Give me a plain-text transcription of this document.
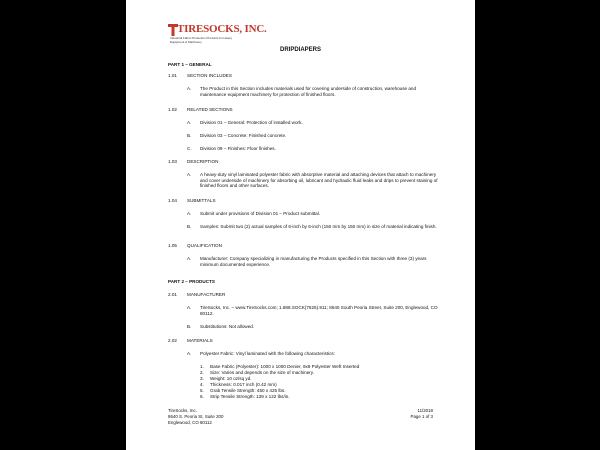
TIRESOCKS, INC.
Industrial Fabric Protection Products for Heavy Equipment & Machinery
DRIPDIAPERS
PART 1 – GENERAL
1.01 SECTION INCLUDES
A. The Product in this Section includes materials used for covering underside of construction, warehouse and maintenance equipment machinery for protection of finished floors.
1.02 RELATED SECTIONS
A. Division 01 – General: Protection of installed work.
B. Division 03 – Concrete: Finished concrete.
C. Division 09 – Finishes: Floor finishes.
1.03 DESCRIPTION
A. A heavy-duty vinyl laminated polyester fabric with absorptive material and attaching devices that attach to machinery and cover underside of machinery for absorbing oil, lubricant and hydraulic fluid leaks and drips to prevent staining of finished floors and other surfaces.
1.04 SUBMITTALS
A. Submit under provisions of Division 01 – Product submittal.
B. Samples: Submit two (2) actual samples of 6-inch by 6-inch (150 mm by 150 mm) in size of material indicating finish.
1.05 QUALIFICATION
A. Manufacturer: Company specializing in manufacturing the Products specified in this Section with three (3) years minimum documented experience.
PART 2 – PRODUCTS
2.01 MANUFACTURER
A. TireSocks, Inc. – www.TireSocks.com; 1.888.SOCK(7625).911; 8640 South Peoria Street, Suite 200, Englewood, CO 80112.
B. Substitutions: Not allowed.
2.02 MATERIALS
A. Polyester Fabric: Vinyl laminated with the following characteristics:
1. Base Fabric (Polyester): 1000 x 1000 Denier, 9x9 Polyester Weft Inserted
2. Size: Varies and depends on the size of machinery.
3. Weight: 10 oz/sq yd.
4. Thickness: 0.017 inch (0.42 mm)
5. Grab Tensile Strength: 450 x 425 lbs.
6. Strip Tensile Strength: 139 x 122 lbs/in.
TireSocks, Inc.
8640 S. Peoria St, Suite 200
Englewood, CO 80112
11/2018
Page 1 of 3
